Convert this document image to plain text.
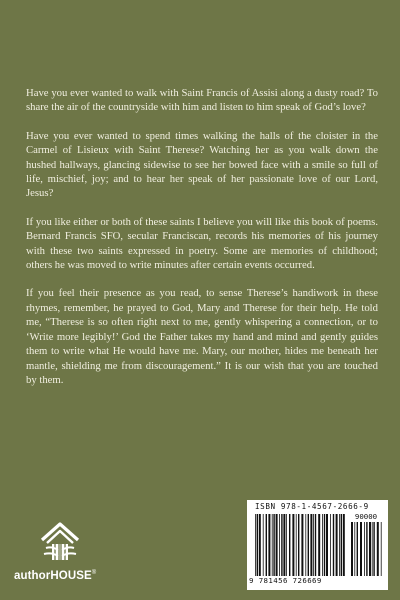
Have you ever wanted to walk with Saint Francis of Assisi along a dusty road? To share the air of the countryside with him and listen to him speak of God’s love?

Have you ever wanted to spend times walking the halls of the cloister in the Carmel of Lisieux with Saint Therese? Watching her as you walk down the hushed hallways, glancing sidewise to see her bowed face with a smile so full of life, mischief, joy; and to hear her speak of her passionate love of our Lord, Jesus?

If you like either or both of these saints I believe you will like this book of poems. Bernard Francis SFO, secular Franciscan, records his memories of his journey with these two saints expressed in poetry. Some are memories of childhood; others he was moved to write minutes after certain events occurred.

If you feel their presence as you read, to sense Therese’s handiwork in these rhymes, remember, he prayed to God, Mary and Therese for their help. He told me, “Therese is so often right next to me, gently whispering a connection, or to ‘Write more legibly!’ God the Father takes my hand and mind and gently guides them to write what He would have me. Mary, our mother, hides me beneath her mantle, shielding me from discouragement.” It is our wish that you are touched by them.

authorHOUSE®
ISBN 978-1-4567-2666-9
90000
9 781456 726669
